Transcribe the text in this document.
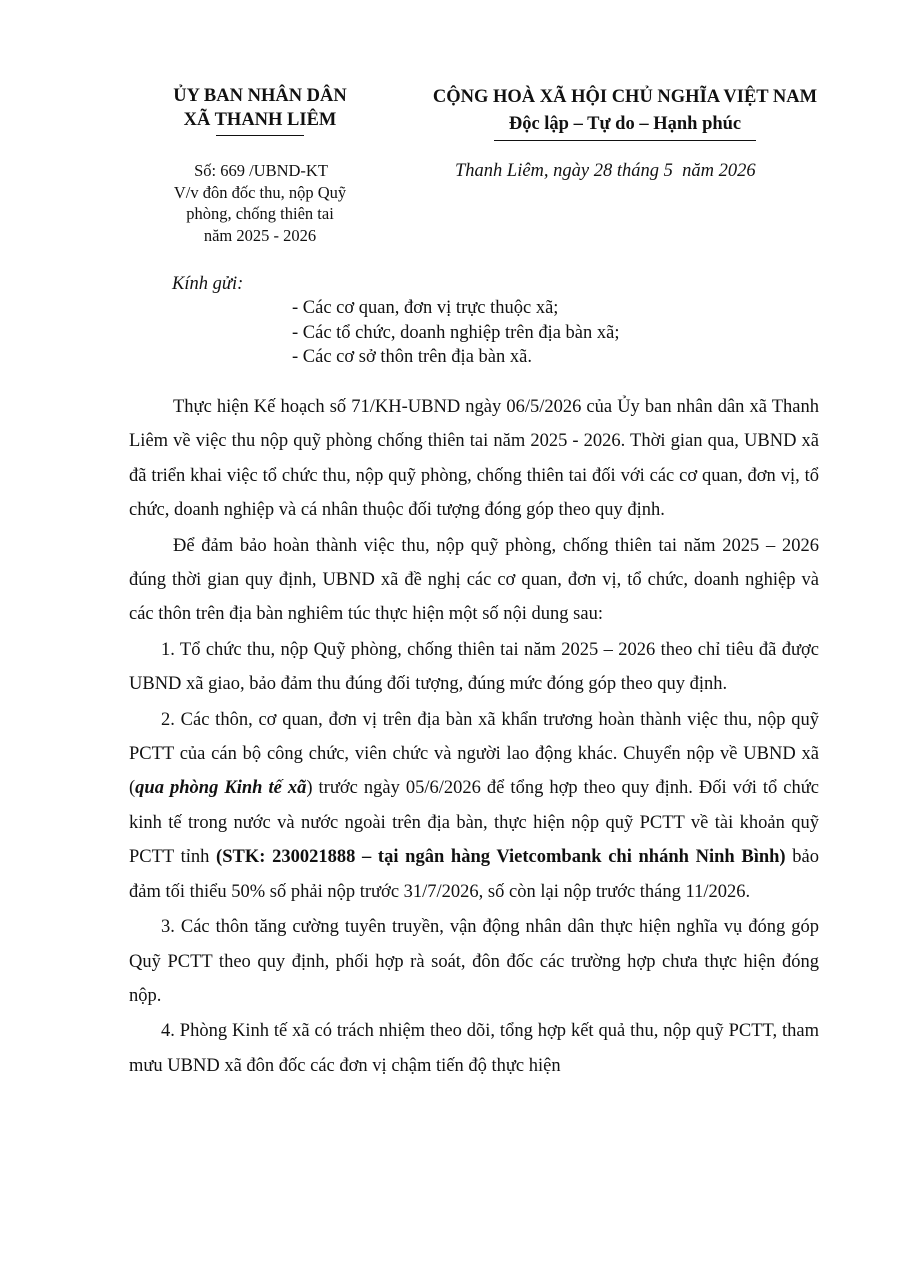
ỦY BAN NHÂN DÂN
XÃ THANH LIÊM
CỘNG HOÀ XÃ HỘI CHỦ NGHĨA VIỆT NAM
Độc lập – Tự do – Hạnh phúc
Số: 669 /UBND-KT
V/v đôn đốc thu, nộp Quỹ
phòng, chống thiên tai
năm 2025 - 2026
Thanh Liêm, ngày 28 tháng 5  năm 2026
Kính gửi:
- Các cơ quan, đơn vị trực thuộc xã;
- Các tổ chức, doanh nghiệp trên địa bàn xã;
- Các cơ sở thôn trên địa bàn xã.

Thực hiện Kế hoạch số 71/KH-UBND ngày 06/5/2026 của Ủy ban nhân dân xã Thanh Liêm về việc thu nộp quỹ phòng chống thiên tai năm 2025 - 2026. Thời gian qua, UBND xã đã triển khai việc tổ chức thu, nộp quỹ phòng, chống thiên tai đối với các cơ quan, đơn vị, tổ chức, doanh nghiệp và cá nhân thuộc đối tượng đóng góp theo quy định.

Để đảm bảo hoàn thành việc thu, nộp quỹ phòng, chống thiên tai năm 2025 – 2026 đúng thời gian quy định, UBND xã đề nghị các cơ quan, đơn vị, tổ chức, doanh nghiệp và các thôn trên địa bàn nghiêm túc thực hiện một số nội dung sau:

1. Tổ chức thu, nộp Quỹ phòng, chống thiên tai năm 2025 – 2026 theo chỉ tiêu đã được UBND xã giao, bảo đảm thu đúng đối tượng, đúng mức đóng góp theo quy định.

2. Các thôn, cơ quan, đơn vị trên địa bàn xã khẩn trương hoàn thành việc thu, nộp quỹ PCTT của cán bộ công chức, viên chức và người lao động khác. Chuyển nộp về UBND xã (qua phòng Kinh tế xã) trước ngày 05/6/2026 để tổng hợp theo quy định. Đối với tổ chức kinh tế trong nước và nước ngoài trên địa bàn, thực hiện nộp quỹ PCTT về tài khoản quỹ PCTT tỉnh (STK: 230021888 – tại ngân hàng Vietcombank chi nhánh Ninh Bình) bảo đảm tối thiểu 50% số phải nộp trước 31/7/2026, số còn lại nộp trước tháng 11/2026.

3. Các thôn tăng cường tuyên truyền, vận động nhân dân thực hiện nghĩa vụ đóng góp Quỹ PCTT theo quy định, phối hợp rà soát, đôn đốc các trường hợp chưa thực hiện đóng nộp.

4. Phòng Kinh tế xã có trách nhiệm theo dõi, tổng hợp kết quả thu, nộp quỹ PCTT, tham mưu UBND xã đôn đốc các đơn vị chậm tiến độ thực hiện
